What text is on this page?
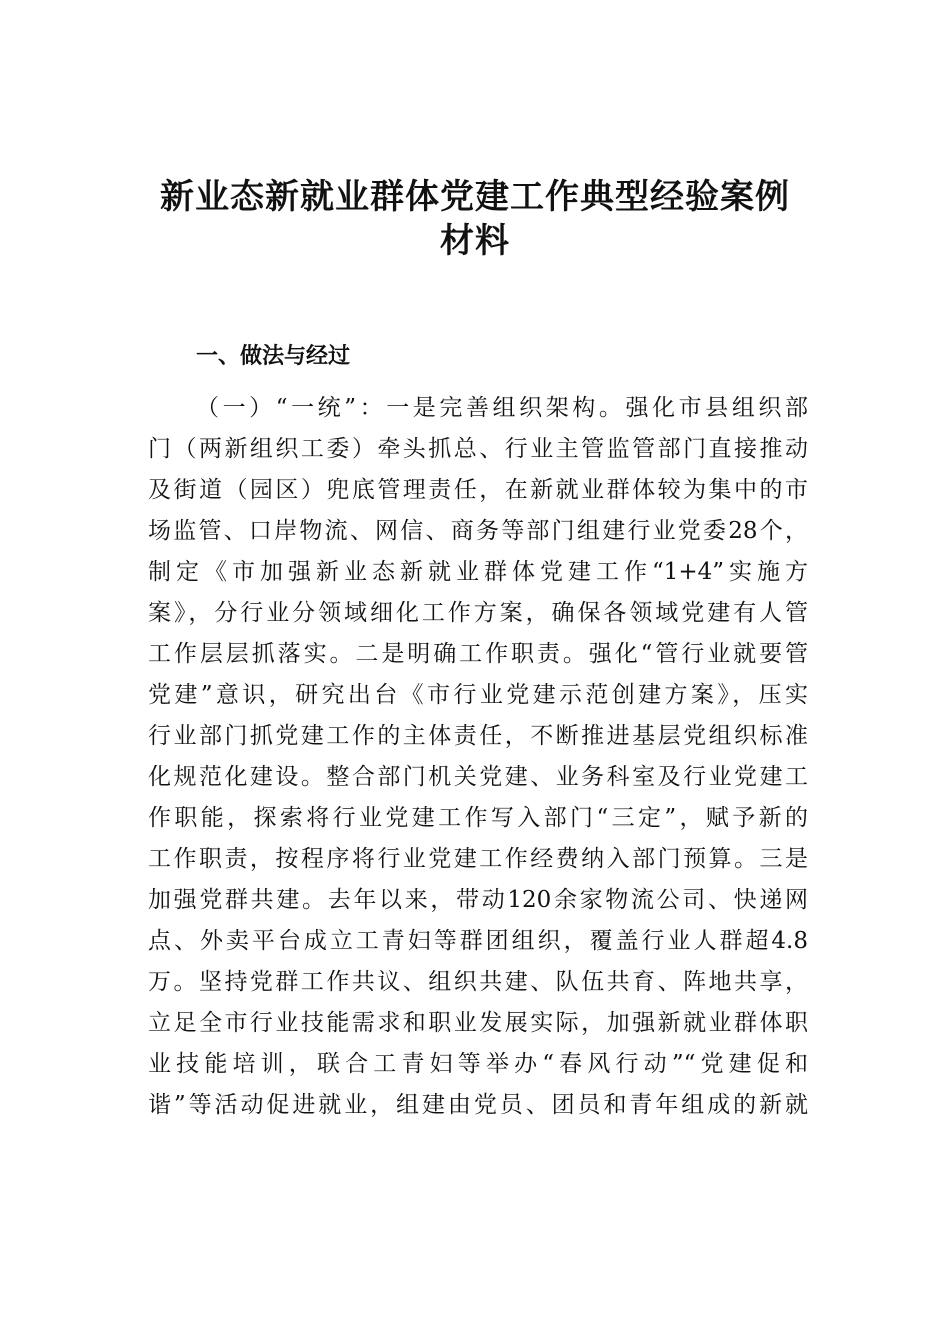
新业态新就业群体党建工作典型经验案例
材料
一、做法与经过
（一）“一统”：一是完善组织架构。强化市县组织部
门（两新组织工委）牵头抓总、行业主管监管部门直接推动
及街道（园区）兜底管理责任，在新就业群体较为集中的市
场监管、口岸物流、网信、商务等部门组建行业党委28个，
制定《市加强新业态新就业群体党建工作“1+4”实施方
案》，分行业分领域细化工作方案，确保各领域党建有人管
工作层层抓落实。二是明确工作职责。强化“管行业就要管
党建”意识，研究出台《市行业党建示范创建方案》，压实
行业部门抓党建工作的主体责任，不断推进基层党组织标准
化规范化建设。整合部门机关党建、业务科室及行业党建工
作职能，探索将行业党建工作写入部门“三定”，赋予新的
工作职责，按程序将行业党建工作经费纳入部门预算。三是
加强党群共建。去年以来，带动120余家物流公司、快递网
点、外卖平台成立工青妇等群团组织，覆盖行业人群超4.8
万。坚持党群工作共议、组织共建、队伍共育、阵地共享，
立足全市行业技能需求和职业发展实际，加强新就业群体职
业技能培训，联合工青妇等举办“春风行动”“党建促和
谐”等活动促进就业，组建由党员、团员和青年组成的新就
